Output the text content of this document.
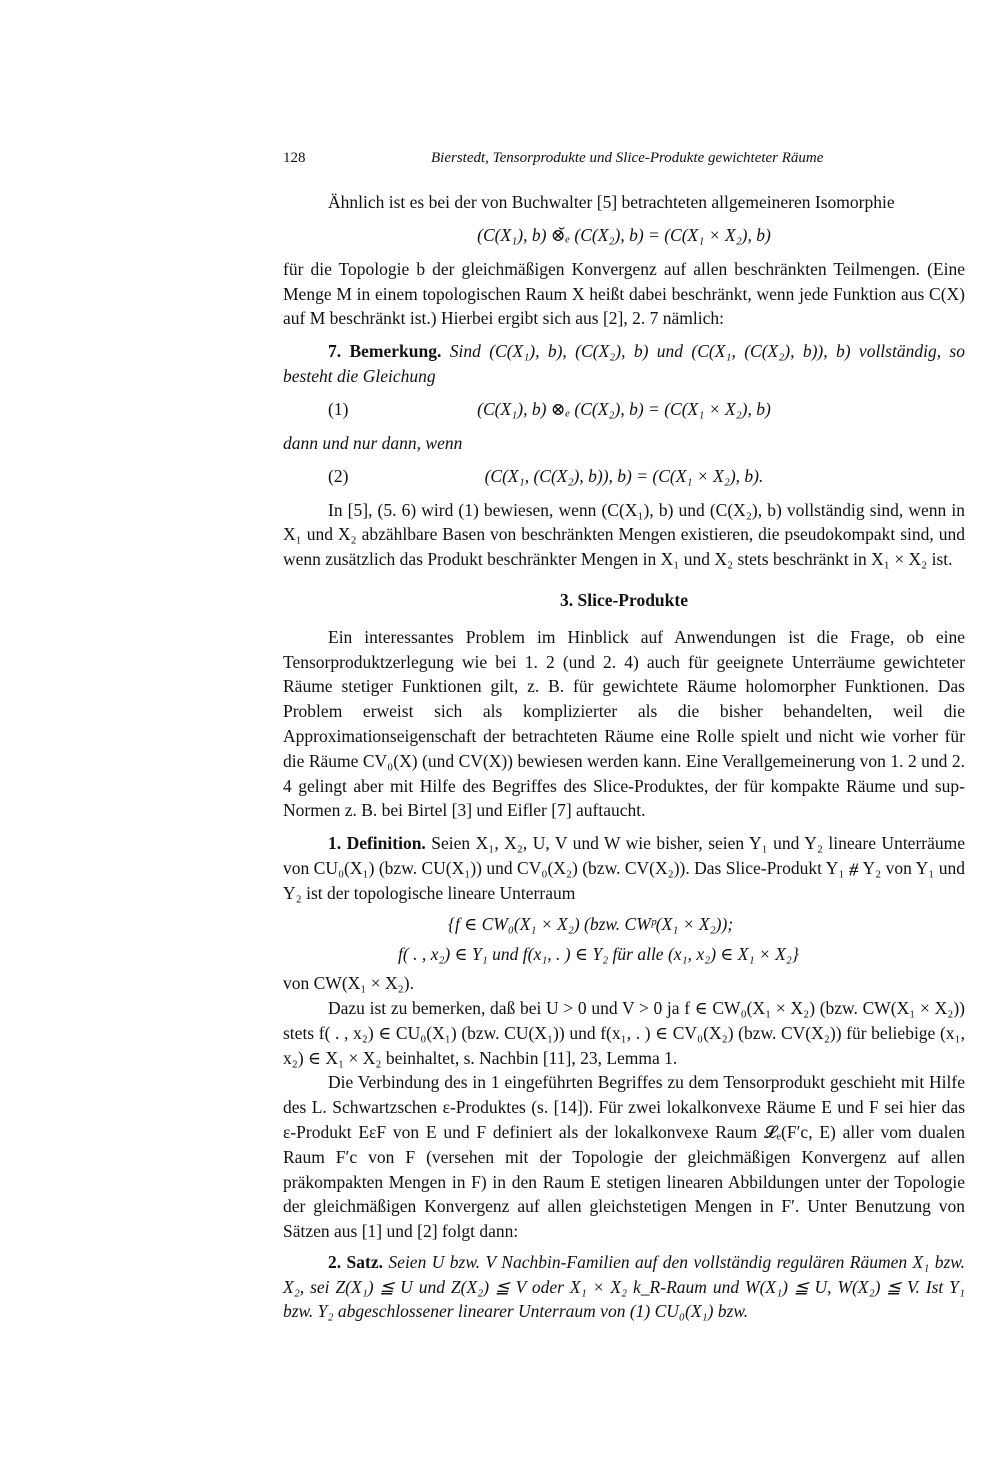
128	Bierstedt, Tensorprodukte und Slice-Produkte gewichteter Räume

Ähnlich ist es bei der von Buchwalter [5] betrachteten allgemeineren Isomorphie

(C(X₁), b) ⊗̆ₑ (C(X₂), b) = (C(X₁ × X₂), b)

für die Topologie b der gleichmäßigen Konvergenz auf allen beschränkten Teilmengen. (Eine Menge M in einem topologischen Raum X heißt dabei beschränkt, wenn jede Funktion aus C(X) auf M beschränkt ist.) Hierbei ergibt sich aus [2], 2. 7 nämlich:

7. Bemerkung. Sind (C(X₁), b), (C(X₂), b) und (C(X₁, (C(X₂), b)), b) vollständig, so besteht die Gleichung

(1)	(C(X₁), b) ⊗ₑ (C(X₂), b) = (C(X₁ × X₂), b)

dann und nur dann, wenn

(2)	(C(X₁, (C(X₂), b)), b) = (C(X₁ × X₂), b).

In [5], (5. 6) wird (1) bewiesen, wenn (C(X₁), b) und (C(X₂), b) vollständig sind, wenn in X₁ und X₂ abzählbare Basen von beschränkten Mengen existieren, die pseudokompakt sind, und wenn zusätzlich das Produkt beschränkter Mengen in X₁ und X₂ stets beschränkt in X₁ × X₂ ist.

3. Slice-Produkte

Ein interessantes Problem im Hinblick auf Anwendungen ist die Frage, ob eine Tensorproduktzerlegung wie bei 1. 2 (und 2. 4) auch für geeignete Unterräume gewichteter Räume stetiger Funktionen gilt, z. B. für gewichtete Räume holomorpher Funktionen. Das Problem erweist sich als komplizierter als die bisher behandelten, weil die Approximationseigenschaft der betrachteten Räume eine Rolle spielt und nicht wie vorher für die Räume CV₀(X) (und CV(X)) bewiesen werden kann. Eine Verallgemeinerung von 1. 2 und 2. 4 gelingt aber mit Hilfe des Begriffes des Slice-Produktes, der für kompakte Räume und sup-Normen z. B. bei Birtel [3] und Eifler [7] auftaucht.

1. Definition. Seien X₁, X₂, U, V und W wie bisher, seien Y₁ und Y₂ lineare Unterräume von CU₀(X₁) (bzw. CU(X₁)) und CV₀(X₂) (bzw. CV(X₂)). Das Slice-Produkt Y₁ ⧣ Y₂ von Y₁ und Y₂ ist der topologische lineare Unterraum

{f ∈ CW₀(X₁ × X₂) (bzw. CWᵖ(X₁ × X₂));
f( . , x₂) ∈ Y₁ und f(x₁, . ) ∈ Y₂ für alle (x₁, x₂) ∈ X₁ × X₂}

von CW(X₁ × X₂).

Dazu ist zu bemerken, daß bei U > 0 und V > 0 ja f ∈ CW₀(X₁ × X₂) (bzw. CW(X₁ × X₂)) stets f( . , x₂) ∈ CU₀(X₁) (bzw. CU(X₁)) und f(x₁, . ) ∈ CV₀(X₂) (bzw. CV(X₂)) für beliebige (x₁, x₂) ∈ X₁ × X₂ beinhaltet, s. Nachbin [11], 23, Lemma 1.

Die Verbindung des in 1 eingeführten Begriffes zu dem Tensorprodukt geschieht mit Hilfe des L. Schwartzschen ε-Produktes (s. [14]). Für zwei lokalkonvexe Räume E und F sei hier das ε-Produkt EεF von E und F definiert als der lokalkonvexe Raum 𝓛ₑ(F′c, E) aller vom dualen Raum F′c von F (versehen mit der Topologie der gleichmäßigen Konvergenz auf allen präkompakten Mengen in F) in den Raum E stetigen linearen Abbildungen unter der Topologie der gleichmäßigen Konvergenz auf allen gleichstetigen Mengen in F′. Unter Benutzung von Sätzen aus [1] und [2] folgt dann:

2. Satz. Seien U bzw. V Nachbin-Familien auf den vollständig regulären Räumen X₁ bzw. X₂, sei Z(X₁) ≦ U und Z(X₂) ≦ V oder X₁ × X₂ k_R-Raum und W(X₁) ≦ U, W(X₂) ≦ V. Ist Y₁ bzw. Y₂ abgeschlossener linearer Unterraum von (1) CU₀(X₁) bzw.
